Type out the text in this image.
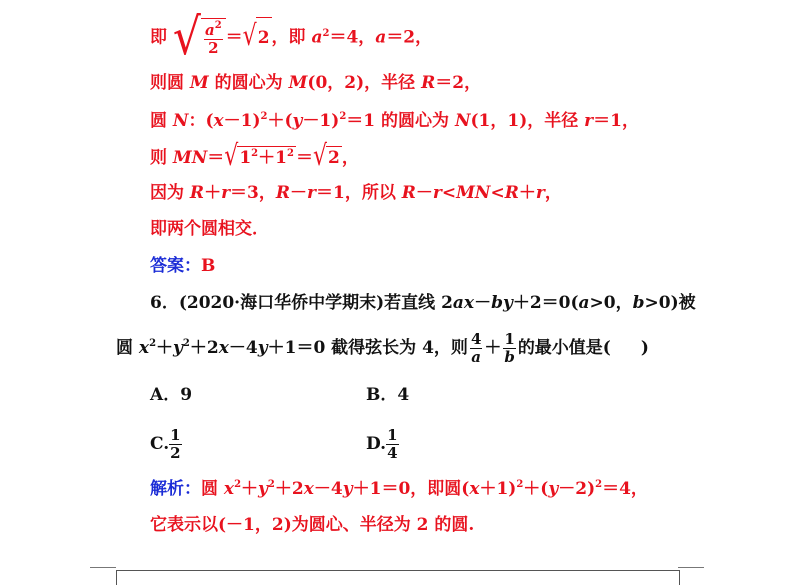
即 √ $\frac{a^2}{2} =√2$ ，即 $a^2=4$，a＝2，
则圆 M 的圆心为 M(0，2)，半径 R＝2，
圆 N：$(x-1)^2+(y-1)^2=1$ 的圆心为 N(1，1)，半径 r＝1，
则 $MN=√1^2+1^2 =√2$ ，
因为 R＋r＝3，R－r＝1，所以 R－r<MN<R＋r，
即两个圆相交．
答案：B
6．(2020·海口华侨中学期末)若直线 2ax－by＋2＝0(a>0，b>0)被
圆 $x^2+y^2+2x-4y+1=0$ 截得弦长为 4，则 $\frac{4}{a} + \frac{1}{b}$ 的最小值是( )
A．9	B．4
C. $\frac{1}{2}$	D. $\frac{1}{4}$
解析：圆 $x^2+y^2+2x-4y+1=0$，即圆$(x+1)^2+(y-2)^2=4$，
它表示以(－1，2)为圆心、半径为 2 的圆.
